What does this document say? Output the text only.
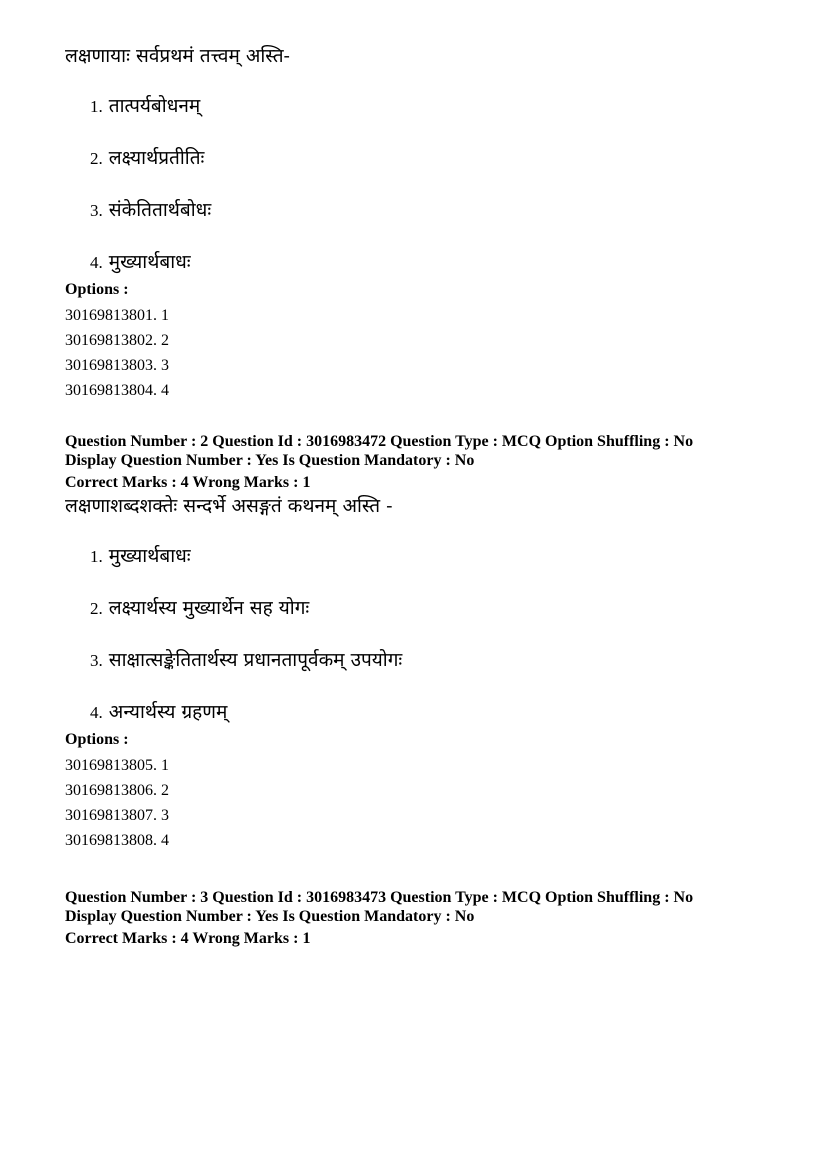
लक्षणायाः सर्वप्रथमं तत्त्वम् अस्ति-

1. तात्पर्यबोधनम्
2. लक्ष्यार्थप्रतीतिः
3. संकेतितार्थबोधः
4. मुख्यार्थबाधः

Options :

30169813801. 1

30169813802. 2

30169813803. 3

30169813804. 4

Question Number : 2 Question Id : 3016983472 Question Type : MCQ Option Shuffling : No

Display Question Number : Yes Is Question Mandatory : No

Correct Marks : 4 Wrong Marks : 1

लक्षणाशब्दशक्तेः सन्दर्भे असङ्गतं कथनम् अस्ति -

1. मुख्यार्थबाधः
2. लक्ष्यार्थस्य मुख्यार्थेन सह योगः
3. साक्षात्सङ्केतितार्थस्य प्रधानतापूर्वकम् उपयोगः
4. अन्यार्थस्य ग्रहणम्

Options :

30169813805. 1

30169813806. 2

30169813807. 3

30169813808. 4

Question Number : 3 Question Id : 3016983473 Question Type : MCQ Option Shuffling : No

Display Question Number : Yes Is Question Mandatory : No

Correct Marks : 4 Wrong Marks : 1
